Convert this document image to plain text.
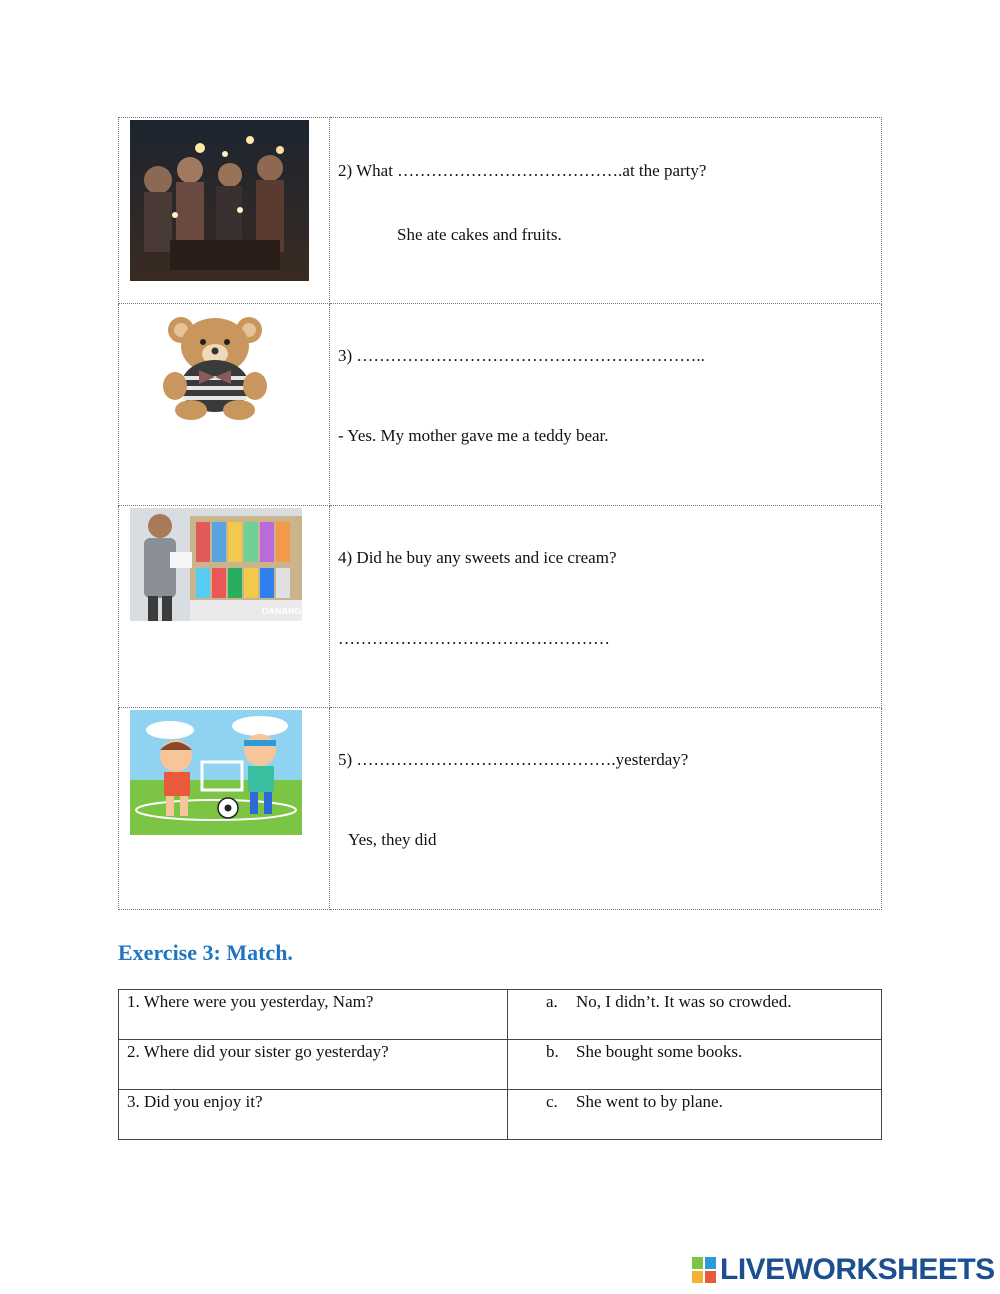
2) What ………………………………….at the party?
She ate cakes and fruits.

3) ……………………………………………………..
- Yes. My mother gave me a teddy bear.

DANANG	4) Did he buy any sweets and ice cream?
…………………………………………

5) ……………………………………….yesterday?
Yes, they did
Exercise 3: Match.
1. Where were you yesterday, Nam?	a. No, I didn’t. It was so crowded.
2. Where did your sister go yesterday?	b. She bought some books.
3. Did you enjoy it?	c. She went to by plane.
LIVEWORKSHEETS
